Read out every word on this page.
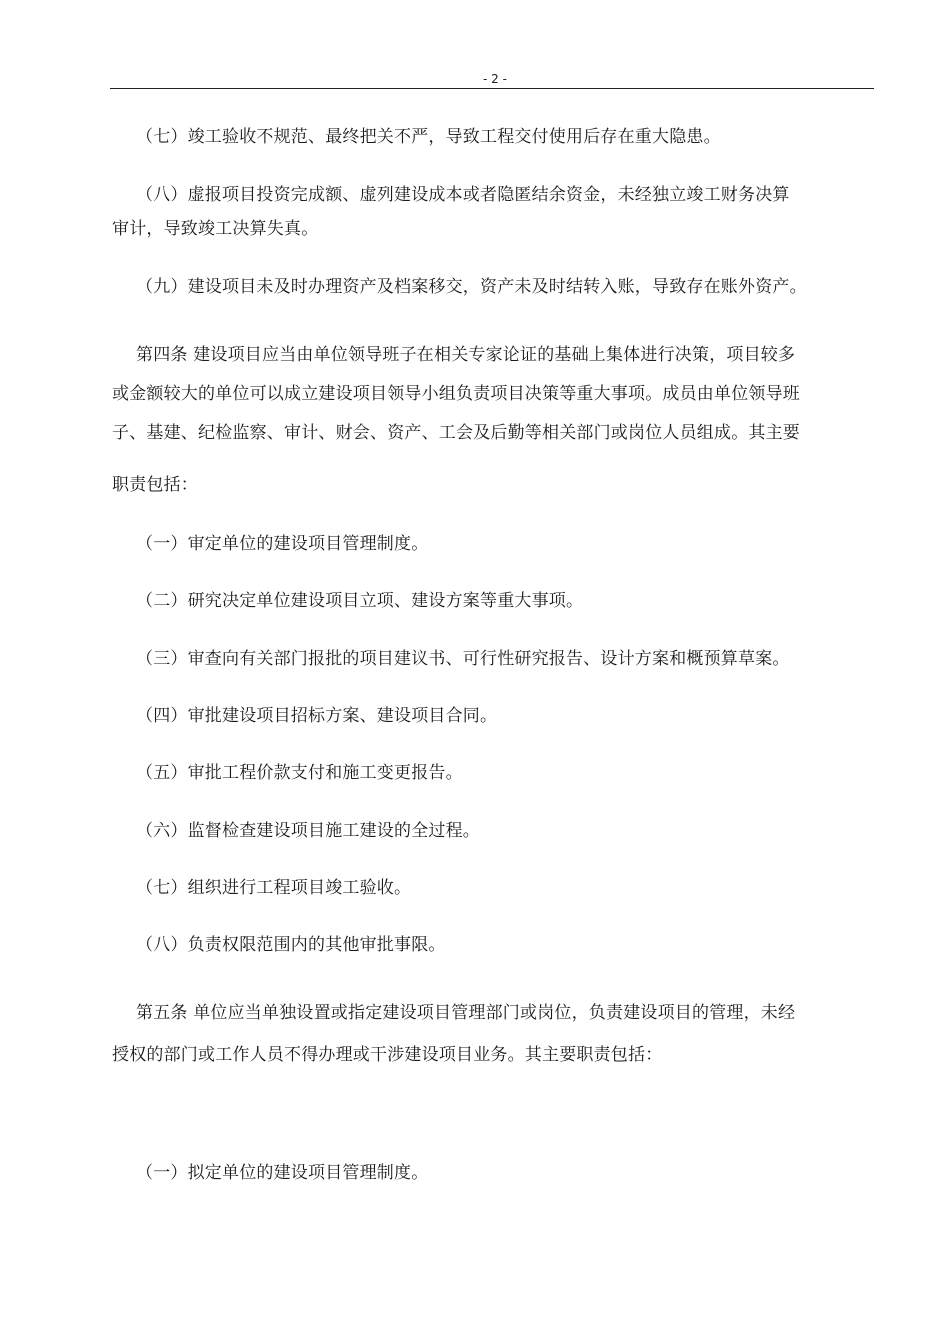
- 2 -

（七）竣工验收不规范、最终把关不严，导致工程交付使用后存在重大隐患。

（八）虚报项目投资完成额、虚列建设成本或者隐匿结余资金，未经独立竣工财务决算

审计，导致竣工决算失真。

（九）建设项目未及时办理资产及档案移交，资产未及时结转入账，导致存在账外资产。

第四条 建设项目应当由单位领导班子在相关专家论证的基础上集体进行决策，项目较多

或金额较大的单位可以成立建设项目领导小组负责项目决策等重大事项。成员由单位领导班

子、基建、纪检监察、审计、财会、资产、工会及后勤等相关部门或岗位人员组成。其主要

职责包括：

（一）审定单位的建设项目管理制度。

（二）研究决定单位建设项目立项、建设方案等重大事项。

（三）审查向有关部门报批的项目建议书、可行性研究报告、设计方案和概预算草案。

（四）审批建设项目招标方案、建设项目合同。

（五）审批工程价款支付和施工变更报告。

（六）监督检查建设项目施工建设的全过程。

（七）组织进行工程项目竣工验收。

（八）负责权限范围内的其他审批事限。

第五条 单位应当单独设置或指定建设项目管理部门或岗位，负责建设项目的管理，未经

授权的部门或工作人员不得办理或干涉建设项目业务。其主要职责包括：

（一）拟定单位的建设项目管理制度。
